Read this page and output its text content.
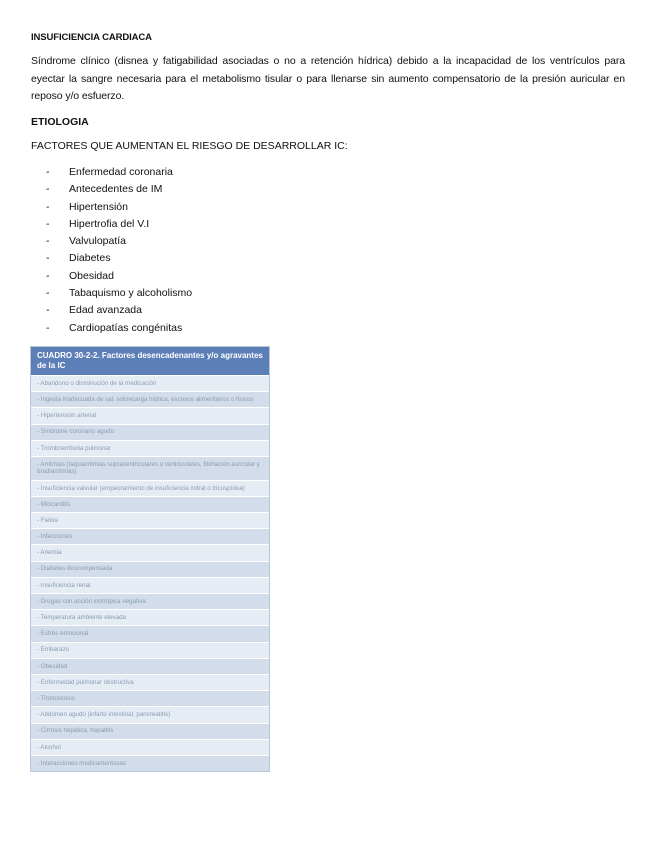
INSUFICIENCIA CARDIACA
Síndrome clínico (disnea y fatigabilidad asociadas o no a retención hídrica) debido a la incapacidad de los ventrículos para eyectar la sangre necesaria para el metabolismo tisular o para llenarse sin aumento compensatorio de la presión auricular en reposo y/o esfuerzo.
ETIOLOGIA
FACTORES QUE AUMENTAN EL RIESGO DE DESARROLLAR IC:
-	Enfermedad coronaria
-	Antecedentes de IM
-	Hipertensión
-	Hipertrofia del V.I
-	Valvulopatía
-	Diabetes
-	Obesidad
-	Tabaquismo y alcoholismo
-	Edad avanzada
-	Cardiopatías congénitas
CUADRO 30-2-2. Factores desencadenantes y/o agravantes de la IC
- Abandono o disminución de la medicación
- Ingesta inadecuada de sal, sobrecarga hídrica, excesos alimentarios o físicos
- Hipertensión arterial
- Síndrome coronario agudo
- Tromboembolia pulmonar
- Arritmias (taquiarritmias supraventriculares o ventriculares, fibrilación auricular y bradiarritmias)
- Insuficiencia valvular (empeoramiento de insuficiencia mitral o tricuspídea)
- Miocarditis
- Fiebre
- Infecciones
- Anemia
- Diabetes descompensada
- Insuficiencia renal
- Drogas con acción inotrópica negativa
- Temperatura ambiente elevada
- Estrés emocional
- Embarazo
- Obesidad
- Enfermedad pulmonar obstructiva
- Tirotoxicosis
- Abdomen agudo (infarto intestinal, pancreatitis)
- Cirrosis hepática, hepatitis
- Alcohol
- Interacciones medicamentosas
